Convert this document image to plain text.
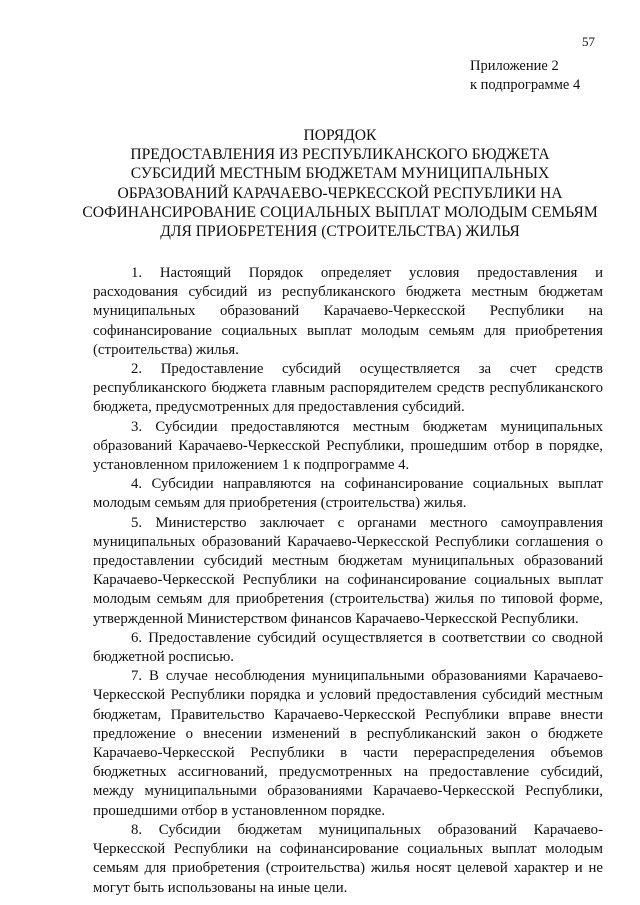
57
Приложение 2
к подпрограмме 4
ПОРЯДОК
ПРЕДОСТАВЛЕНИЯ ИЗ РЕСПУБЛИКАНСКОГО БЮДЖЕТА
СУБСИДИЙ МЕСТНЫМ БЮДЖЕТАМ МУНИЦИПАЛЬНЫХ
ОБРАЗОВАНИЙ КАРАЧАЕВО-ЧЕРКЕССКОЙ РЕСПУБЛИКИ НА
СОФИНАНСИРОВАНИЕ СОЦИАЛЬНЫХ ВЫПЛАТ МОЛОДЫМ СЕМЬЯМ
ДЛЯ ПРИОБРЕТЕНИЯ (СТРОИТЕЛЬСТВА) ЖИЛЬЯ

1. Настоящий Порядок определяет условия предоставления и расходования субсидий из республиканского бюджета местным бюджетам муниципальных образований Карачаево-Черкесской Республики на софинансирование социальных выплат молодым семьям для приобретения (строительства) жилья.

2. Предоставление субсидий осуществляется за счет средств республиканского бюджета главным распорядителем средств республиканского бюджета, предусмотренных для предоставления субсидий.

3. Субсидии предоставляются местным бюджетам муниципальных образований Карачаево-Черкесской Республики, прошедшим отбор в порядке, установленном приложением 1 к подпрограмме 4.

4. Субсидии направляются на софинансирование социальных выплат молодым семьям для приобретения (строительства) жилья.

5. Министерство заключает с органами местного самоуправления муниципальных образований Карачаево-Черкесской Республики соглашения о предоставлении субсидий местным бюджетам муниципальных образований Карачаево-Черкесской Республики на софинансирование социальных выплат молодым семьям для приобретения (строительства) жилья по типовой форме, утвержденной Министерством финансов Карачаево-Черкесской Республики.

6. Предоставление субсидий осуществляется в соответствии со сводной бюджетной росписью.

7. В случае несоблюдения муниципальными образованиями Карачаево-Черкесской Республики порядка и условий предоставления субсидий местным бюджетам, Правительство Карачаево-Черкесской Республики вправе внести предложение о внесении изменений в республиканский закон о бюджете Карачаево-Черкесской Республики в части перераспределения объемов бюджетных ассигнований, предусмотренных на предоставление субсидий, между муниципальными образованиями Карачаево-Черкесской Республики, прошедшими отбор в установленном порядке.

8. Субсидии бюджетам муниципальных образований Карачаево-Черкесской Республики на софинансирование социальных выплат молодым семьям для приобретения (строительства) жилья носят целевой характер и не могут быть использованы на иные цели.
